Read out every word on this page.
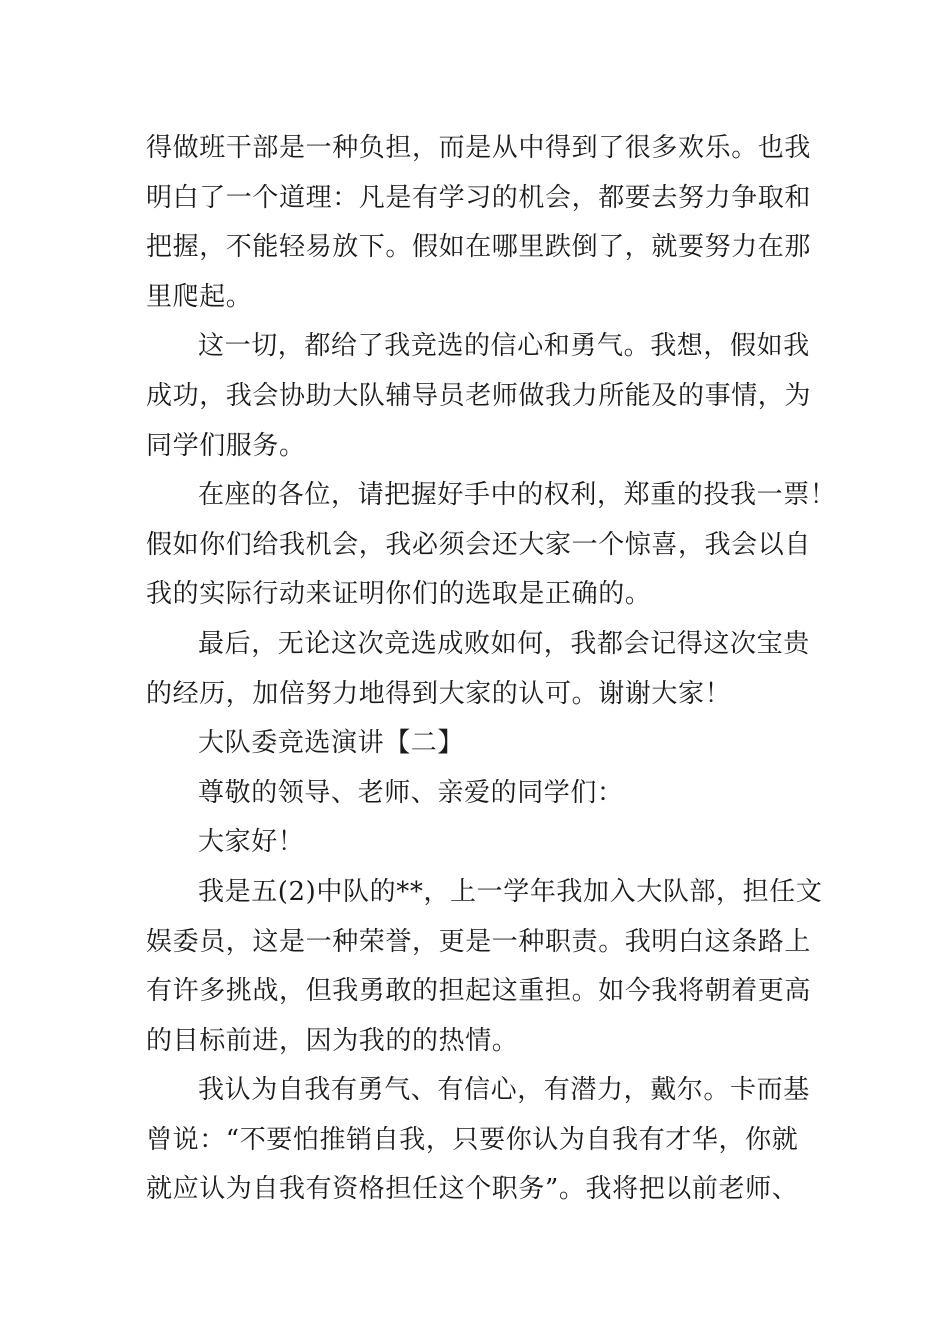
得做班干部是一种负担，而是从中得到了很多欢乐。也我
明白了一个道理：凡是有学习的机会，都要去努力争取和
把握，不能轻易放下。假如在哪里跌倒了，就要努力在那
里爬起。
这一切，都给了我竞选的信心和勇气。我想，假如我
成功，我会协助大队辅导员老师做我力所能及的事情，为
同学们服务。
在座的各位，请把握好手中的权利，郑重的投我一票！
假如你们给我机会，我必须会还大家一个惊喜，我会以自
我的实际行动来证明你们的选取是正确的。
最后，无论这次竞选成败如何，我都会记得这次宝贵
的经历，加倍努力地得到大家的认可。谢谢大家！
大队委竞选演讲【二】
尊敬的领导、老师、亲爱的同学们：
大家好！
我是五(2)中队的**，上一学年我加入大队部，担任文
娱委员，这是一种荣誉，更是一种职责。我明白这条路上
有许多挑战，但我勇敢的担起这重担。如今我将朝着更高
的目标前进，因为我的的热情。
我认为自我有勇气、有信心，有潜力，戴尔。卡而基
曾说：“不要怕推销自我，只要你认为自我有才华，你就
就应认为自我有资格担任这个职务”。我将把以前老师、
